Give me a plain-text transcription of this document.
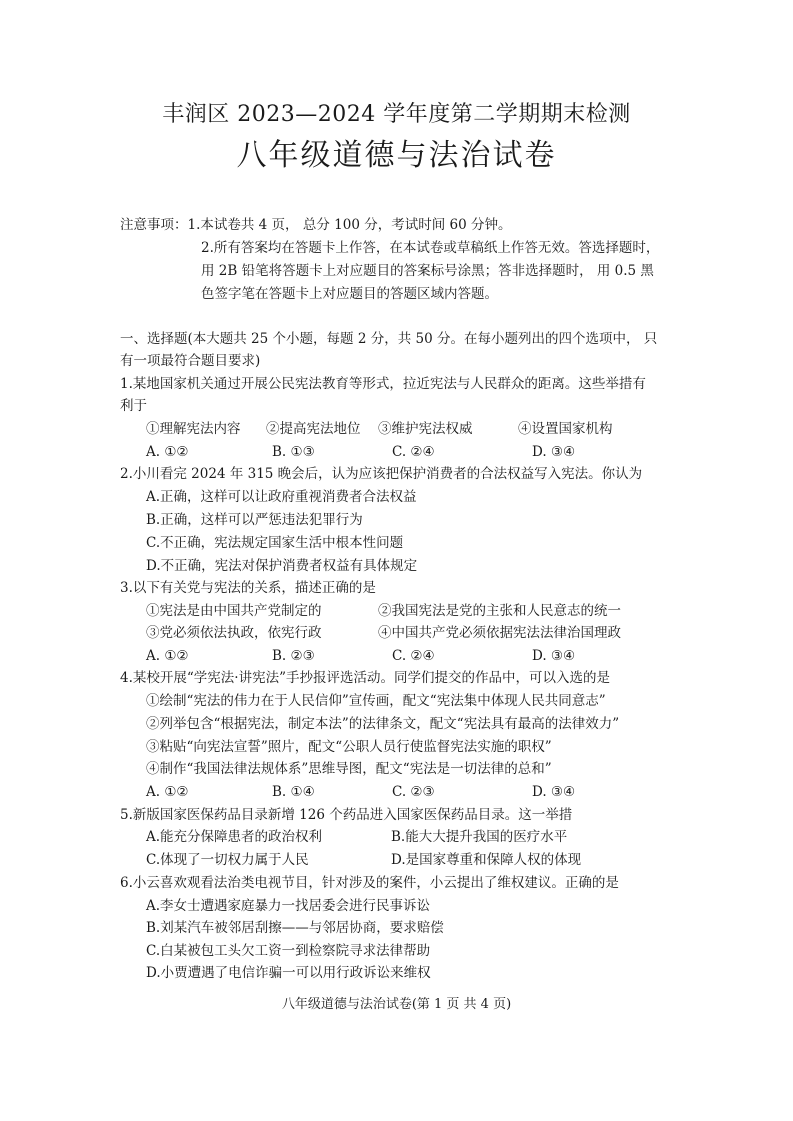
丰润区 2023—2024 学年度第二学期期末检测
八年级道德与法治试卷
注意事项：1.本试卷共 4 页， 总分 100 分，考试时间 60 分钟。
2.所有答案均在答题卡上作答，在本试卷或草稿纸上作答无效。答选择题时，
用 2B 铅笔将答题卡上对应题目的答案标号涂黑；答非选择题时， 用 0.5 黑
色签字笔在答题卡上对应题目的答题区域内答题。
一、选择题(本大题共 25 个小题，每题 2 分，共 50 分。在每小题列出的四个选项中， 只
有一项最符合题目要求)
1.某地国家机关通过开展公民宪法教育等形式，拉近宪法与人民群众的距离。这些举措有
利于
①理解宪法内容 ②提高宪法地位 ③维护宪法权威	④设置国家机构
A. ①②	B. ①③	C. ②④	D. ③④
2.小川看完 2024 年 315 晚会后，认为应该把保护消费者的合法权益写入宪法。你认为
A.正确，这样可以让政府重视消费者合法权益
B.正确，这样可以严惩违法犯罪行为
C.不正确，宪法规定国家生活中根本性问题
D.不正确，宪法对保护消费者权益有具体规定
3.以下有关党与宪法的关系，描述正确的是
①宪法是由中国共产党制定的	②我国宪法是党的主张和人民意志的统一
③党必须依法执政，依宪行政	④中国共产党必须依据宪法法律治国理政
A. ①②	B. ②③	C. ②④	D. ③④
4.某校开展“学宪法·讲宪法”手抄报评选活动。同学们提交的作品中，可以入选的是
①绘制“宪法的伟力在于人民信仰”宣传画，配文“宪法集中体现人民共同意志”
②列举包含“根据宪法，制定本法”的法律条文，配文“宪法具有最高的法律效力”
③粘贴“向宪法宣誓”照片，配文“公职人员行使监督宪法实施的职权”
④制作“我国法律法规体系”思维导图，配文“宪法是一切法律的总和”
A. ①②	B. ①④	C. ②③	D. ③④
5.新版国家医保药品目录新增 126 个药品进入国家医保药品目录。这一举措
A.能充分保障患者的政治权利	B.能大大提升我国的医疗水平
C.体现了一切权力属于人民	D.是国家尊重和保障人权的体现
6.小云喜欢观看法治类电视节目，针对涉及的案件，小云提出了维权建议。正确的是
A.李女士遭遇家庭暴力一找居委会进行民事诉讼
B.刘某汽车被邻居刮擦——与邻居协商，要求赔偿
C.白某被包工头欠工资一到检察院寻求法律帮助
D.小贾遭遇了电信诈骗一可以用行政诉讼来维权
八年级道德与法治试卷(第 1 页 共 4 页)
